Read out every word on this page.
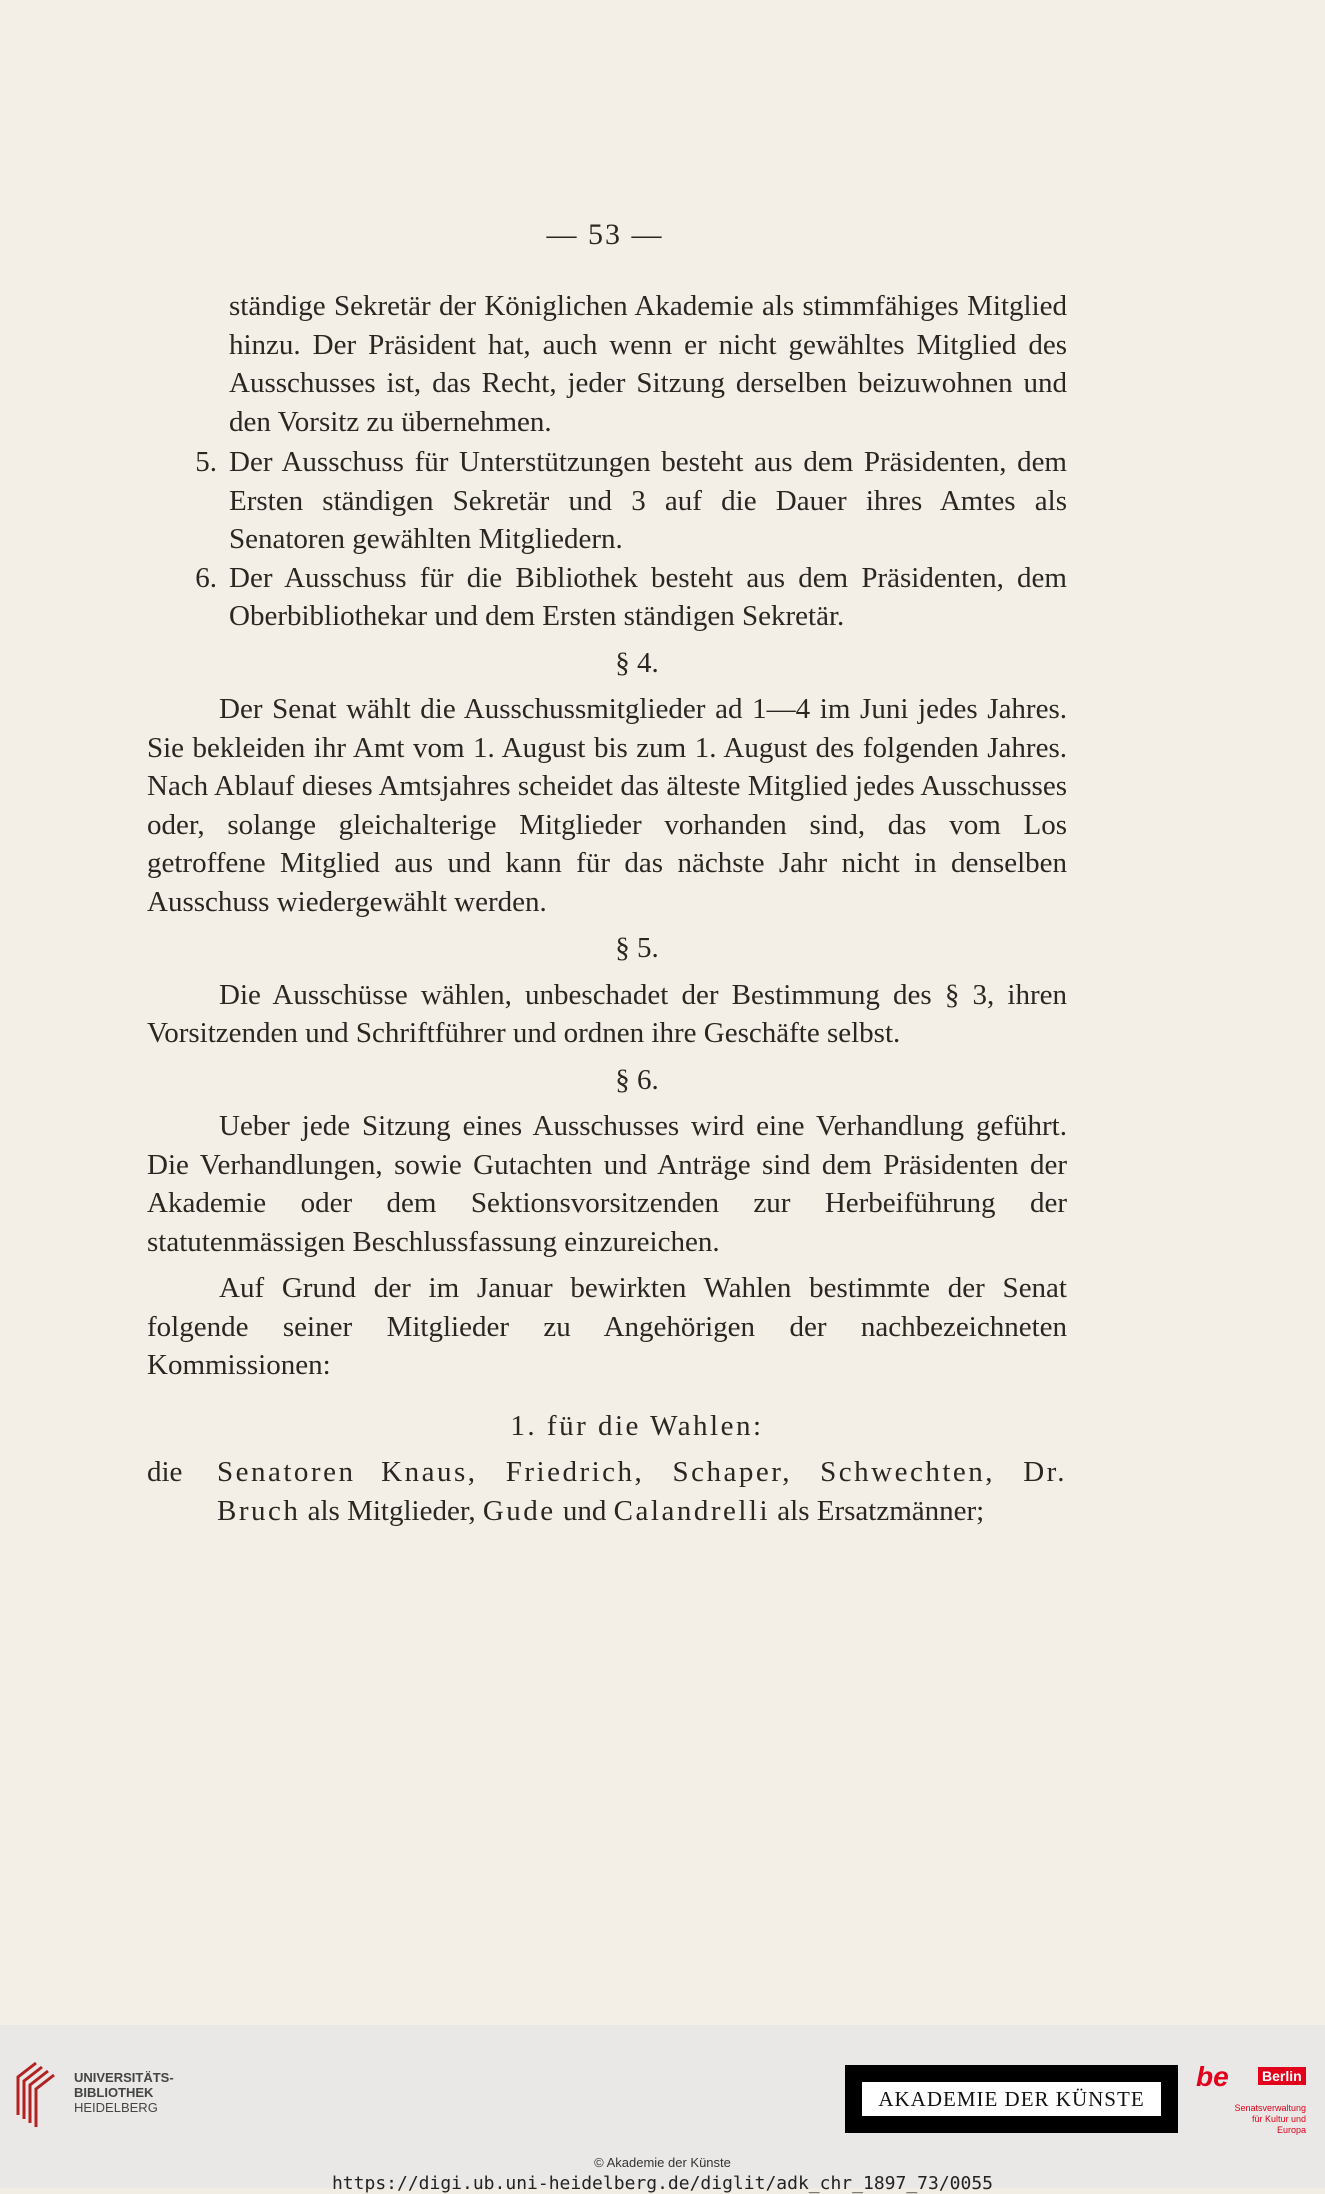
— 53 —

ständige Sekretär der Königlichen Akademie als stimmfähiges Mitglied hinzu. Der Präsident hat, auch wenn er nicht gewähltes Mitglied des Ausschusses ist, das Recht, jeder Sitzung derselben beizuwohnen und den Vorsitz zu übernehmen.

5. Der Ausschuss für Unterstützungen besteht aus dem Präsidenten, dem Ersten ständigen Sekretär und 3 auf die Dauer ihres Amtes als Senatoren gewählten Mitgliedern.

6. Der Ausschuss für die Bibliothek besteht aus dem Präsidenten, dem Oberbibliothekar und dem Ersten ständigen Sekretär.

§ 4.

Der Senat wählt die Ausschussmitglieder ad 1—4 im Juni jedes Jahres. Sie bekleiden ihr Amt vom 1. August bis zum 1. August des folgenden Jahres. Nach Ablauf dieses Amtsjahres scheidet das älteste Mitglied jedes Ausschusses oder, solange gleichalterige Mitglieder vorhanden sind, das vom Los getroffene Mitglied aus und kann für das nächste Jahr nicht in denselben Ausschuss wiedergewählt werden.

§ 5.

Die Ausschüsse wählen, unbeschadet der Bestimmung des § 3, ihren Vorsitzenden und Schriftführer und ordnen ihre Geschäfte selbst.

§ 6.

Ueber jede Sitzung eines Ausschusses wird eine Verhandlung geführt. Die Verhandlungen, sowie Gutachten und Anträge sind dem Präsidenten der Akademie oder dem Sektionsvorsitzenden zur Herbeiführung der statutenmässigen Beschlussfassung einzureichen.

Auf Grund der im Januar bewirkten Wahlen bestimmte der Senat folgende seiner Mitglieder zu Angehörigen der nachbezeichneten Kommissionen:

1. für die Wahlen:
die	Senatoren Knaus, Friedrich, Schaper, Schwechten, Dr. Bruch als Mitglieder, Gude und Calandrelli als Ersatzmänner;

UNIVERSITÄTS-
BIBLIOTHEK
HEIDELBERG	AKADEMIE DER KÜNSTE
be Berlin
Senatsverwaltung
für Kultur und Europa
© Akademie der Künste
https://digi.ub.uni-heidelberg.de/diglit/adk_chr_1897_73/0055
